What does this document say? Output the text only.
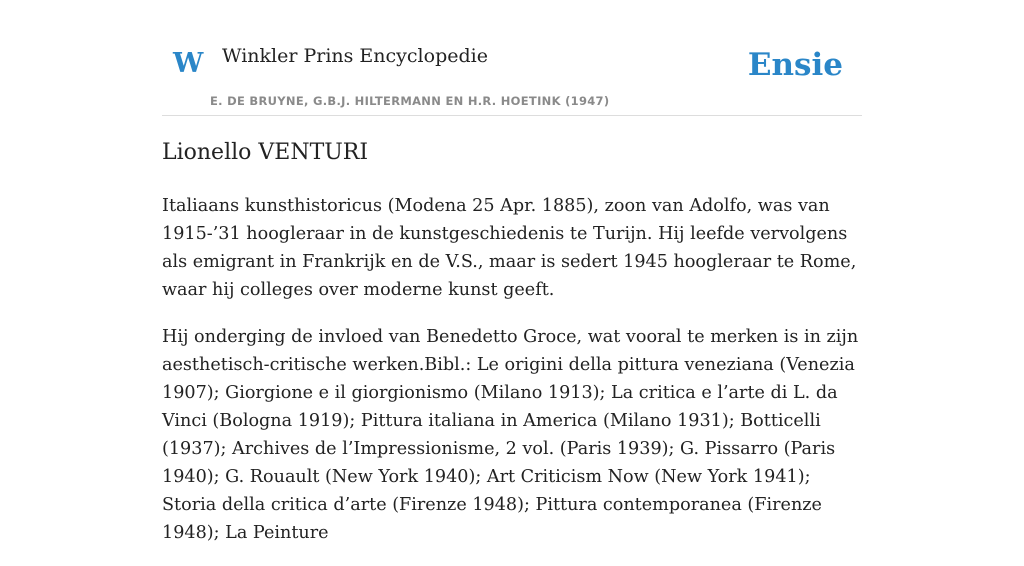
W Winkler Prins Encyclopedie
E. DE BRUYNE, G.B.J. HILTERMANN EN H.R. HOETINK (1947)
Ensie
Lionello VENTURI

Italiaans kunsthistoricus (Modena 25 Apr. 1885), zoon van Adolfo, was van 1915-’31 hoogleraar in de kunstgeschiedenis te Turijn. Hij leefde vervolgens als emigrant in Frankrijk en de V.S., maar is sedert 1945 hoogleraar te Rome, waar hij colleges over moderne kunst geeft.

Hij onderging de invloed van Benedetto Groce, wat vooral te merken is in zijn aesthetisch-critische werken.Bibl.: Le origini della pittura veneziana (Venezia 1907); Giorgione e il giorgionismo (Milano 1913); La critica e l’arte di L. da Vinci (Bologna 1919); Pittura italiana in America (Milano 1931); Botticelli (1937); Archives de l’Impressionisme, 2 vol. (Paris 1939); G. Pissarro (Paris 1940); G. Rouault (New York 1940); Art Criticism Now (New York 1941); Storia della critica d’arte (Firenze 1948); Pittura contemporanea (Firenze 1948); La Peinture
